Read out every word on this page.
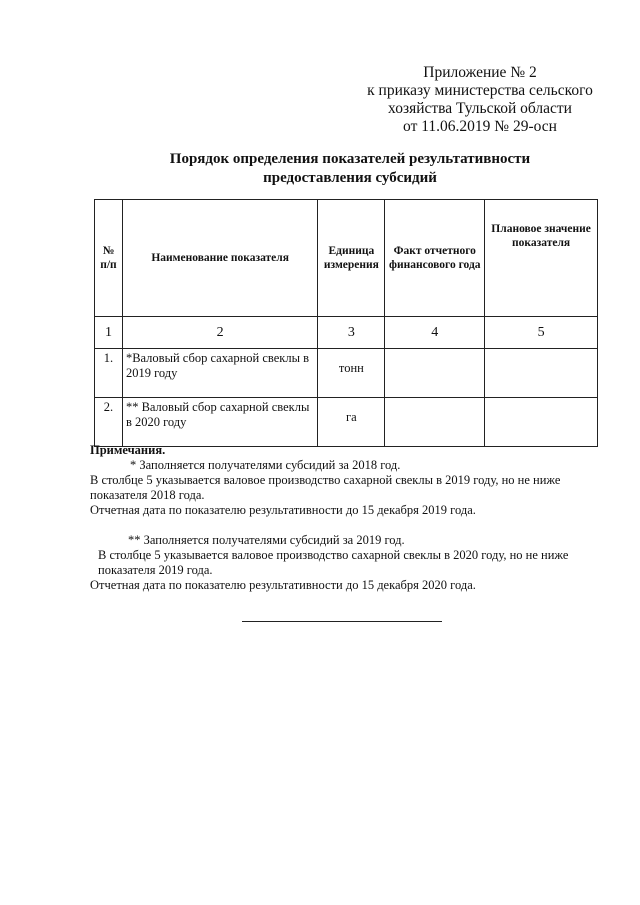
Приложение № 2
к приказу министерства сельского
хозяйства Тульской области
от 11.06.2019 № 29-осн
Порядок определения показателей результативности
предоставления субсидий
№ п/п	Наименование показателя	Единица измерения	Факт отчетного финансового года	Плановое значение показателя
1	2	3	4	5
1.	*Валовый сбор сахарной свеклы в 2019 году	тонн		
2.	** Валовый сбор сахарной свеклы в 2020 году	га		
Примечания.
* Заполняется получателями субсидий за 2018 год.
В столбце 5 указывается валовое производство сахарной свеклы в 2019 году, но не ниже показателя 2018 года.
Отчетная дата по показателю результативности до 15 декабря 2019 года.
** Заполняется получателями субсидий за 2019 год.
В столбце 5 указывается валовое производство сахарной свеклы в 2020 году, но не ниже показателя 2019 года.
Отчетная дата по показателю результативности до 15 декабря 2020 года.
